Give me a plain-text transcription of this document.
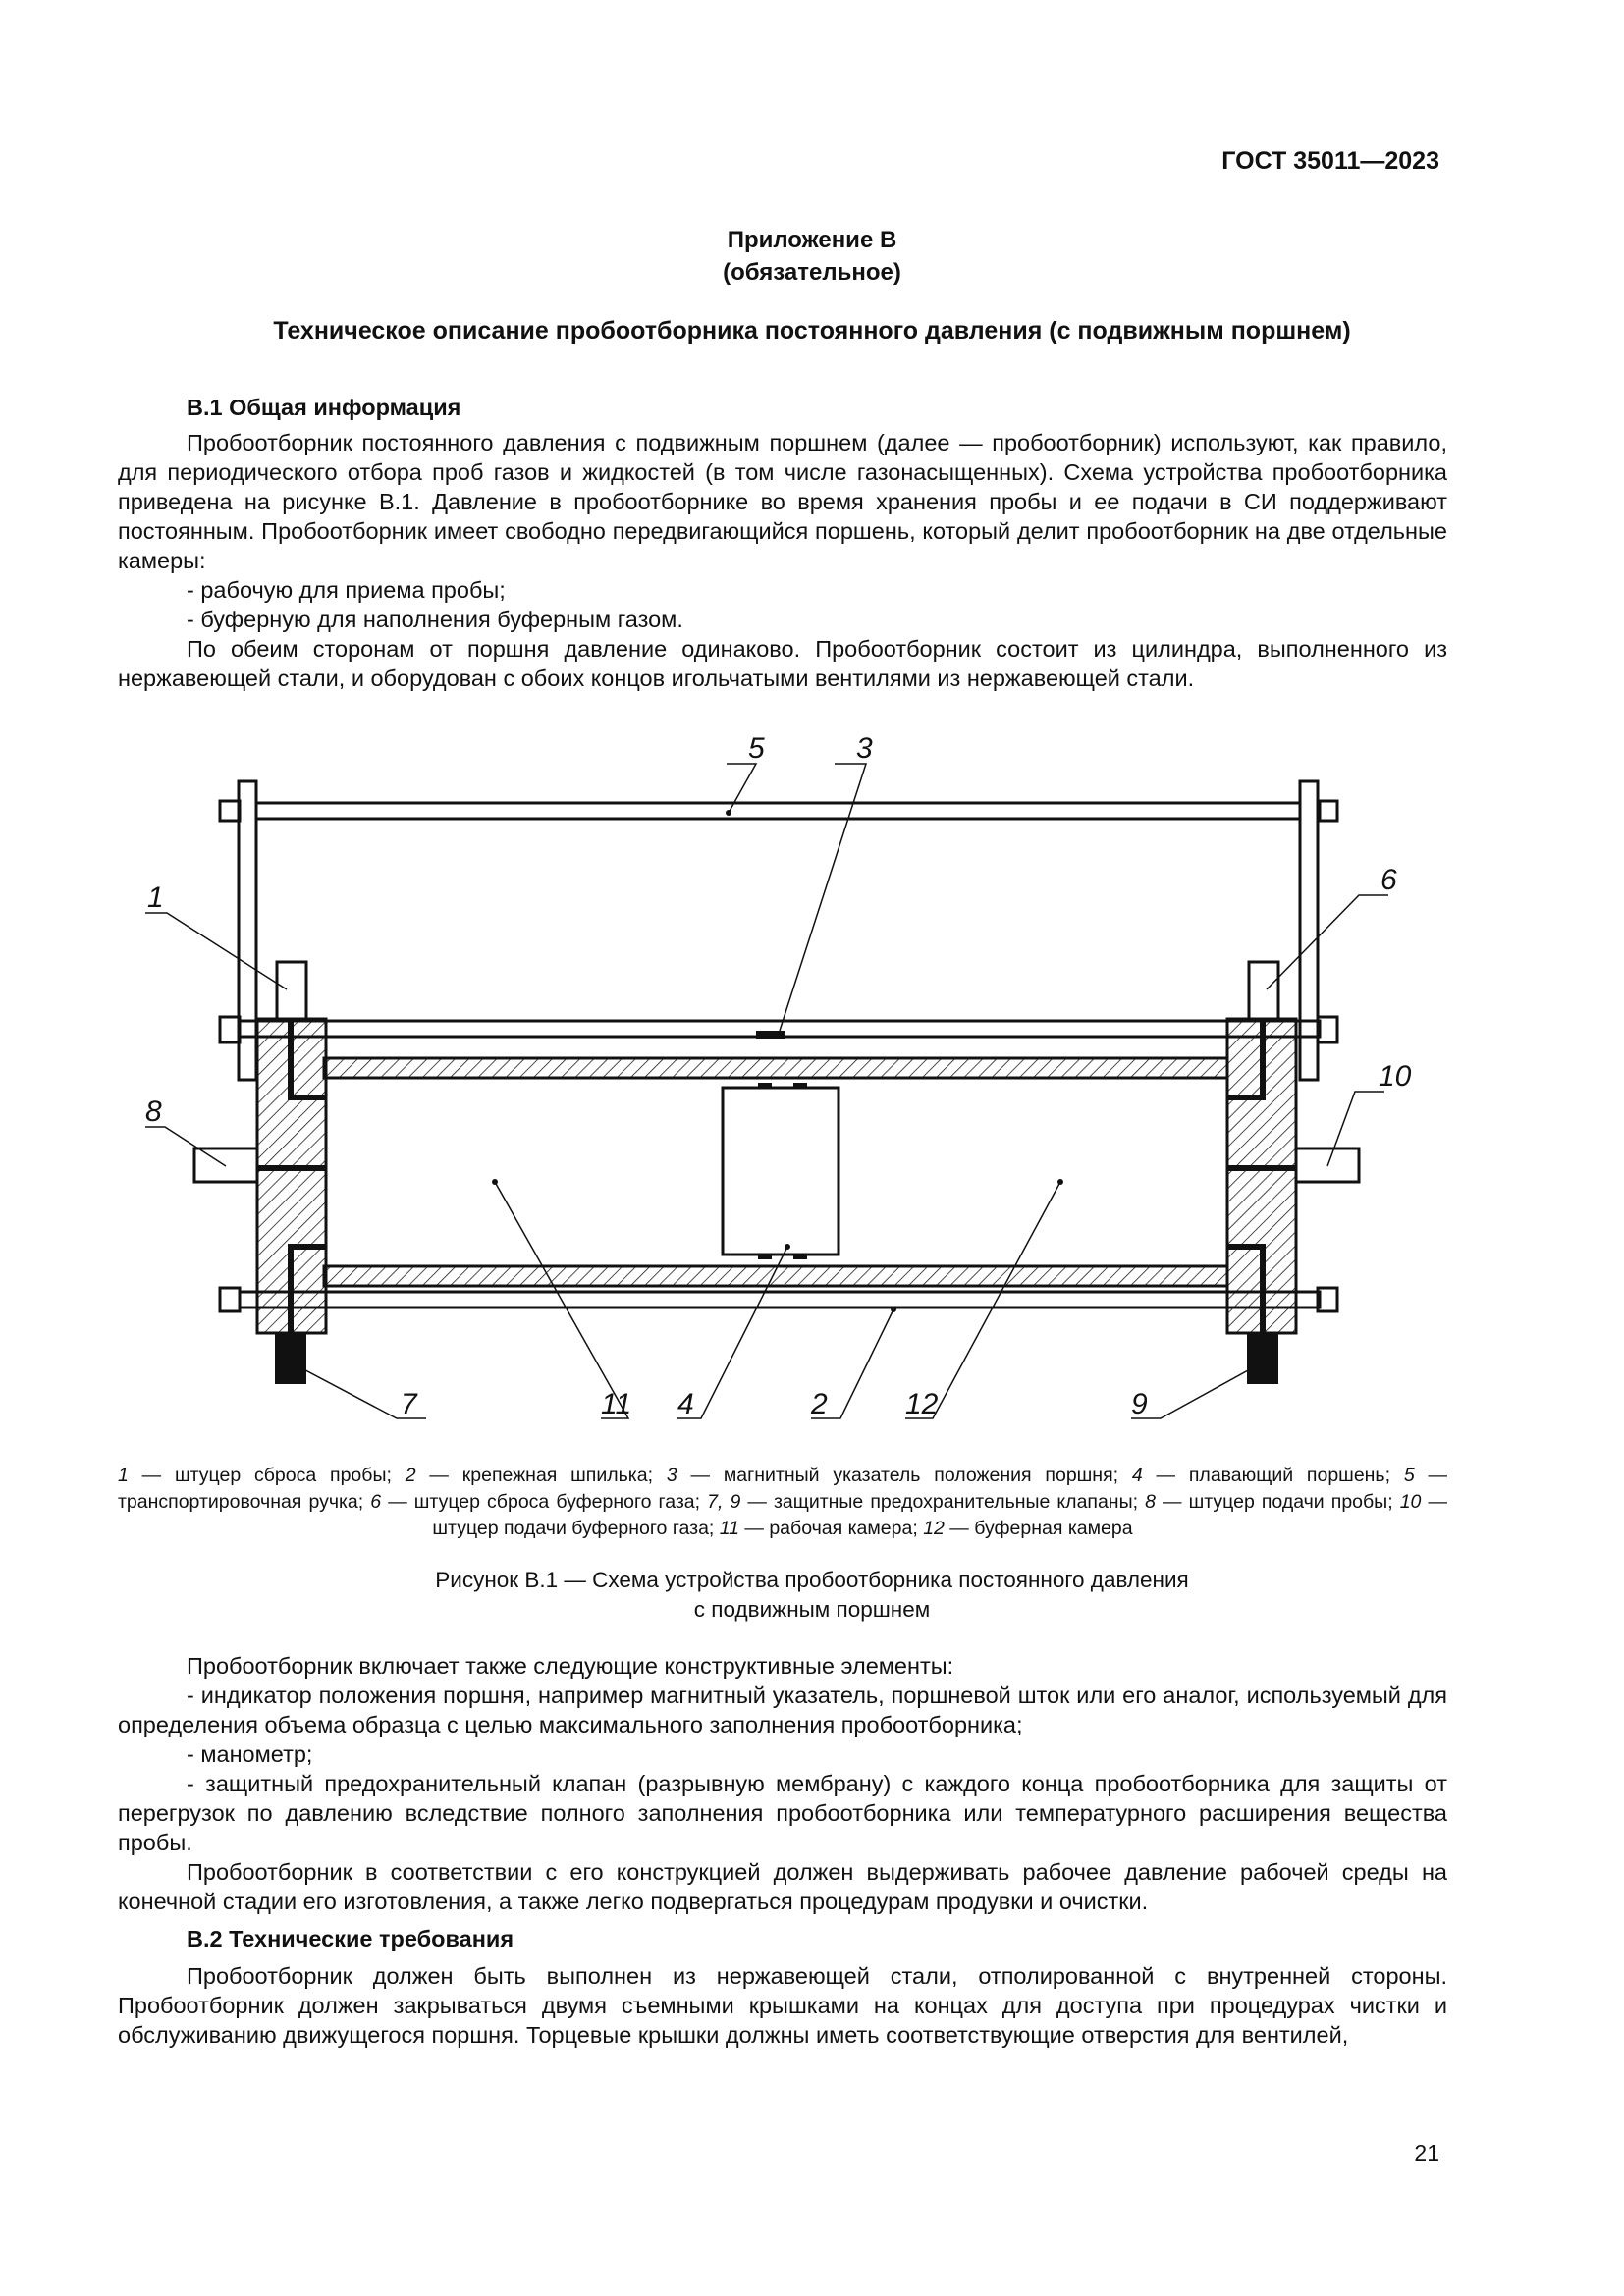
ГОСТ 35011—2023
Приложение В
(обязательное)
Техническое описание пробоотборника постоянного давления (с подвижным поршнем)

В.1 Общая информация

Пробоотборник постоянного давления с подвижным поршнем (далее — пробоотборник) используют, как правило, для периодического отбора проб газов и жидкостей (в том числе газонасыщенных). Схема устройства пробоотборника приведена на рисунке В.1. Давление в пробоотборнике во время хранения пробы и ее подачи в СИ поддерживают постоянным. Пробоотборник имеет свободно передвигающийся поршень, который делит пробоотборник на две отдельные камеры:

- рабочую для приема пробы;

- буферную для наполнения буферным газом.

По обеим сторонам от поршня давление одинаково. Пробоотборник состоит из цилиндра, выполненного из нержавеющей стали, и оборудован с обоих концов игольчатыми вентилями из нержавеющей стали.

1
2
3
4
5
6
7
8
9
10
11	12
1 — штуцер сброса пробы; 2 — крепежная шпилька; 3 — магнитный указатель положения поршня; 4 — плавающий поршень; 5 — транспортировочная ручка; 6 — штуцер сброса буферного газа; 7, 9 — защитные предохранительные клапаны; 8 — штуцер подачи пробы; 10 — штуцер подачи буферного газа; 11 — рабочая камера; 12 — буферная камера
Рисунок В.1 — Схема устройства пробоотборника постоянного давления
с подвижным поршнем

Пробоотборник включает также следующие конструктивные элементы:

- индикатор положения поршня, например магнитный указатель, поршневой шток или его аналог, используемый для определения объема образца с целью максимального заполнения пробоотборника;

- манометр;

- защитный предохранительный клапан (разрывную мембрану) с каждого конца пробоотборника для защиты от перегрузок по давлению вследствие полного заполнения пробоотборника или температурного расширения вещества пробы.

Пробоотборник в соответствии с его конструкцией должен выдерживать рабочее давление рабочей среды на конечной стадии его изготовления, а также легко подвергаться процедурам продувки и очистки.

В.2 Технические требования

Пробоотборник должен быть выполнен из нержавеющей стали, отполированной с внутренней стороны. Пробоотборник должен закрываться двумя съемными крышками на концах для доступа при процедурах чистки и обслуживанию движущегося поршня. Торцевые крышки должны иметь соответствующие отверстия для вентилей,

21
